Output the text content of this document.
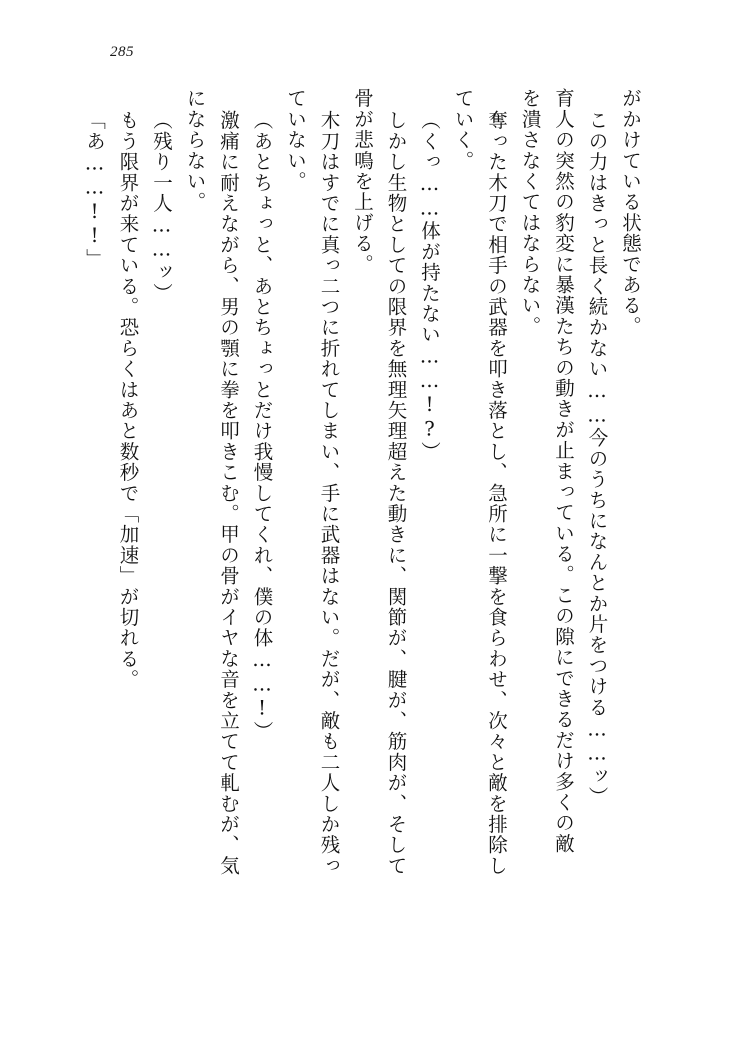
285
がかけている状態である。
この力はきっと長く続かない……今のうちになんとか片をつける……ッ）
育人の突然の豹変に暴漢たちの動きが止まっている。この隙にできるだけ多くの敵
を潰さなくてはならない。
奪った木刀で相手の武器を叩き落とし、急所に一撃を食らわせ、次々と敵を排除し
ていく。
（くっ……体が持たない……!?）
しかし生物としての限界を無理矢理超えた動きに、関節が、腱が、筋肉が、そして
骨が悲鳴を上げる。
木刀はすでに真っ二つに折れてしまい、手に武器はない。だが、敵も二人しか残っ
ていない。
（あとちょっと、あとちょっとだけ我慢してくれ、僕の体……!）
激痛に耐えながら、男の顎に拳を叩きこむ。甲の骨がイヤな音を立てて軋むが、気
にならない。
（残り一人……ッ）
もう限界が来ている。恐らくはあと数秒で「加速」が切れる。
「あ……!!」
